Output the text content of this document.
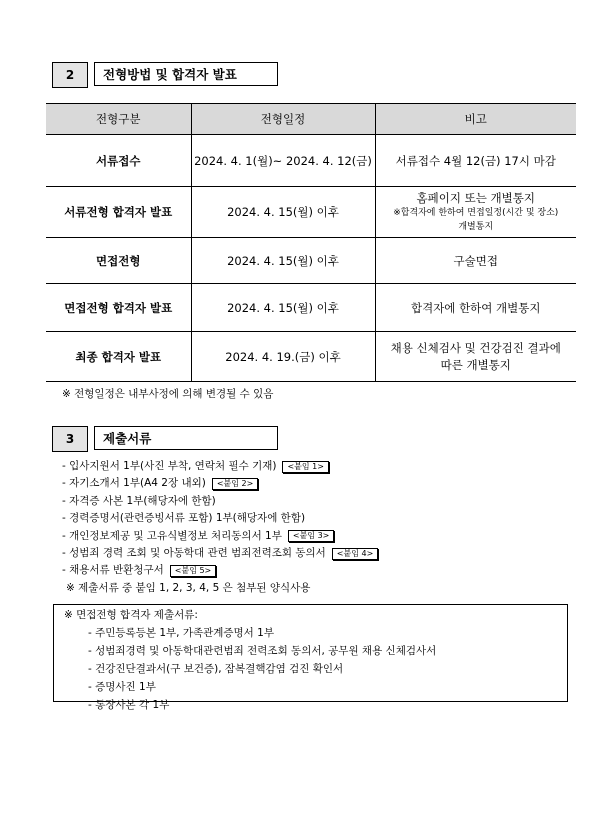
2	전형방법 및 합격자 발표
전형구분	전형일정	비고
서류접수	2024. 4. 1(월)~ 2024. 4. 12(금)	서류접수 4월 12(금) 17시 마감
서류전형 합격자 발표	2024. 4. 15(월) 이후	홈페이지 또는 개별통지
※합격자에 한하여 면접일정(시간 및 장소)
개별통지

면접전형	2024. 4. 15(월) 이후	구술면접
면접전형 합격자 발표	2024. 4. 15(월) 이후	합격자에 한하여 개별통지
최종 합격자 발표	2024. 4. 19.(금) 이후	채용 신체검사 및 건강검진 결과에
따른 개별통지
※ 전형일정은 내부사정에 의해 변경될 수 있음
3	제출서류
- 입사지원서 1부(사진 부착, 연락처 필수 기재)	<붙임 1>
- 자기소개서 1부(A4 2장 내외)	<붙임 2>
- 자격증 사본 1부(해당자에 한함)
- 경력증명서(관련증빙서류 포함) 1부(해당자에 한함)
- 개인정보제공 및 고유식별정보 처리동의서 1부	<붙임 3>
- 성범죄 경력 조회 및 아동학대 관련 범죄전력조회 동의서	<붙임 4>
- 채용서류 반환청구서	<붙임 5>
※ 제출서류 중 붙임 1, 2, 3, 4, 5 은 첨부된 양식사용
※ 면접전형 합격자 제출서류:
- 주민등록등본 1부, 가족관계증명서 1부
- 성범죄경력 및 아동학대관련범죄 전력조회 동의서, 공무원 채용 신체검사서
- 건강진단결과서(구 보건증), 잠복결핵감염 검진 확인서
- 증명사진 1부
- 통장사본 각 1부
